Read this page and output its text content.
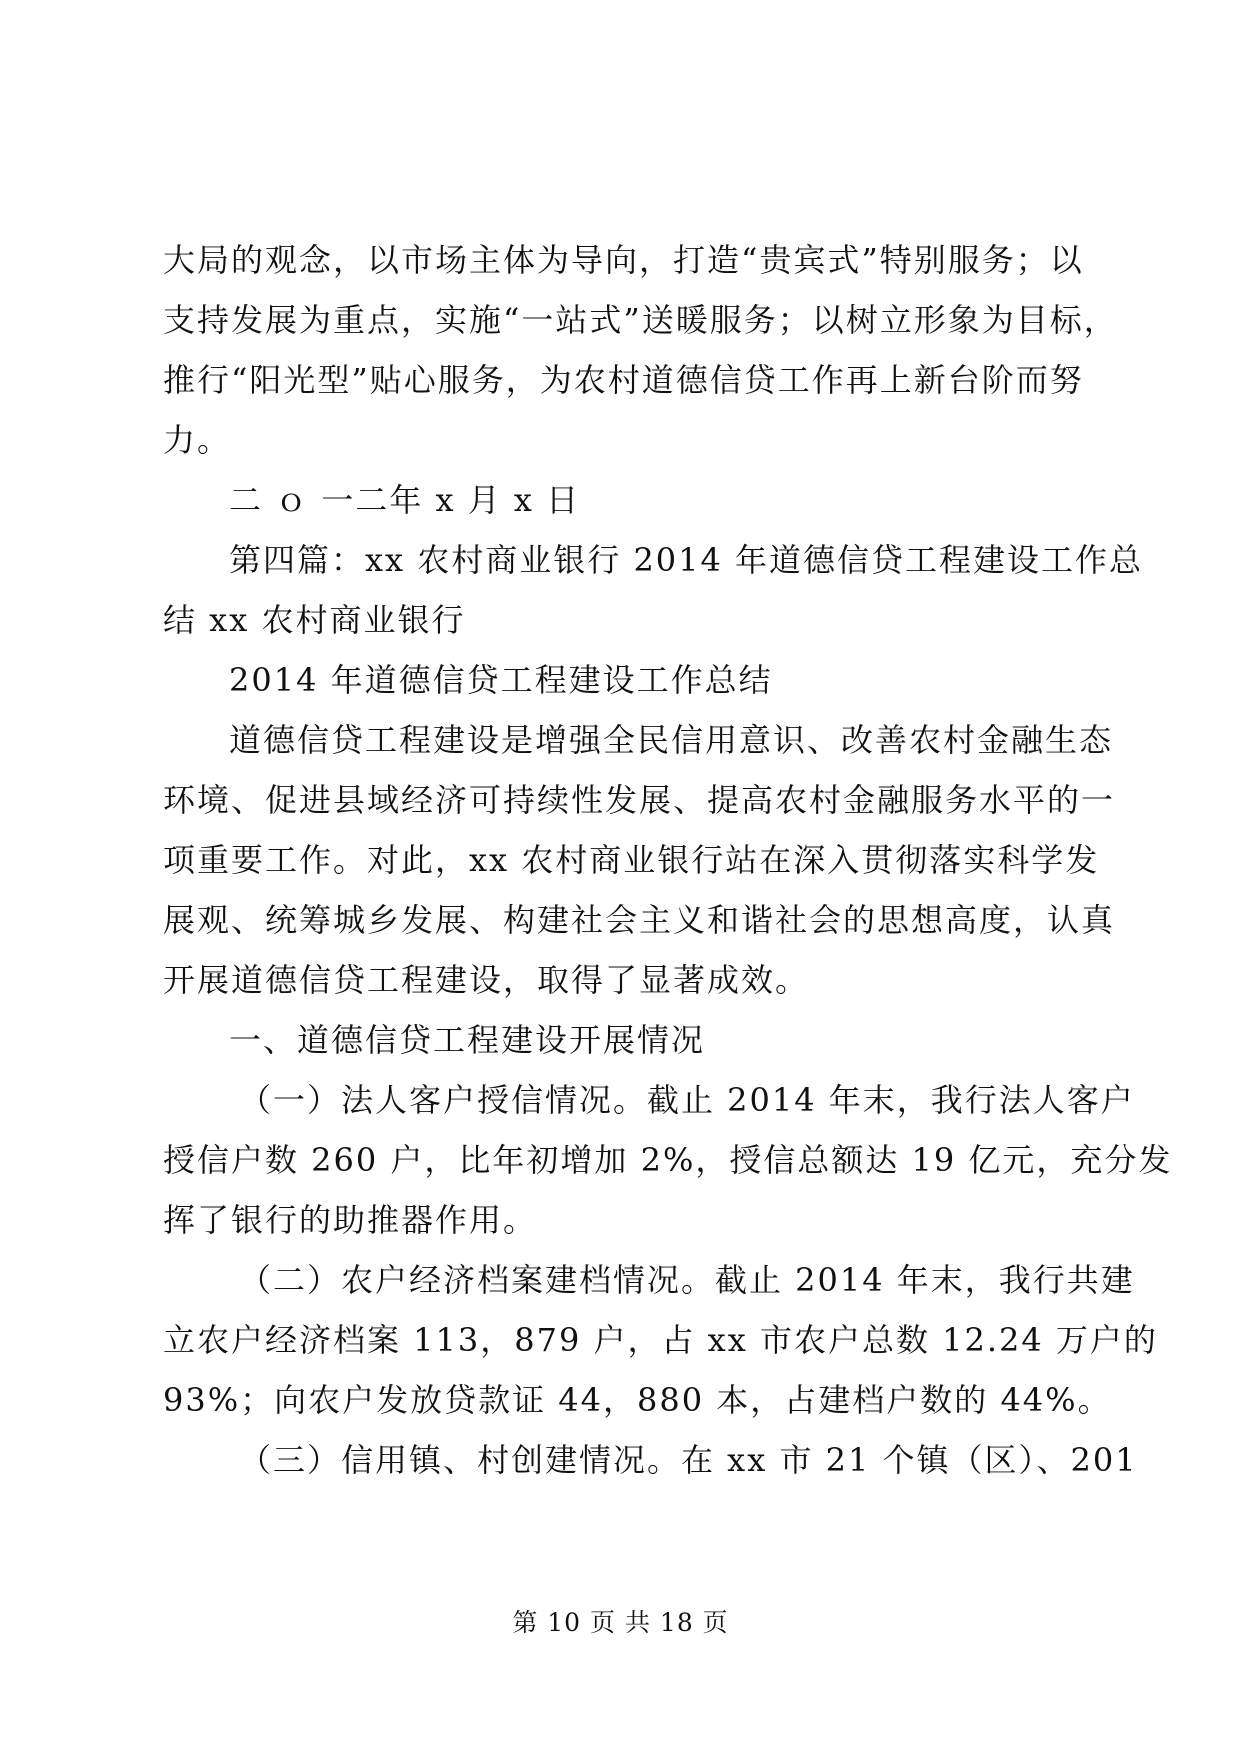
大局的观念，以市场主体为导向，打造“贵宾式”特别服务；以
支持发展为重点，实施“一站式”送暖服务；以树立形象为目标，
推行“阳光型”贴心服务，为农村道德信贷工作再上新台阶而努
力。
二 ｏ 一二年 x 月 x 日
第四篇：xx 农村商业银行 2014 年道德信贷工程建设工作总
结 xx 农村商业银行
2014 年道德信贷工程建设工作总结
道德信贷工程建设是增强全民信用意识、改善农村金融生态
环境、促进县域经济可持续性发展、提高农村金融服务水平的一
项重要工作。对此，xx 农村商业银行站在深入贯彻落实科学发
展观、统筹城乡发展、构建社会主义和谐社会的思想高度，认真
开展道德信贷工程建设，取得了显著成效。
一、道德信贷工程建设开展情况
（一）法人客户授信情况。截止 2014 年末，我行法人客户
授信户数 260 户，比年初增加 2%，授信总额达 19 亿元，充分发
挥了银行的助推器作用。
（二）农户经济档案建档情况。截止 2014 年末，我行共建
立农户经济档案 113，879 户，占 xx 市农户总数 12.24 万户的
93%；向农户发放贷款证 44，880 本，占建档户数的 44%。
（三）信用镇、村创建情况。在 xx 市 21 个镇（区）、201
第 10 页 共 18 页
